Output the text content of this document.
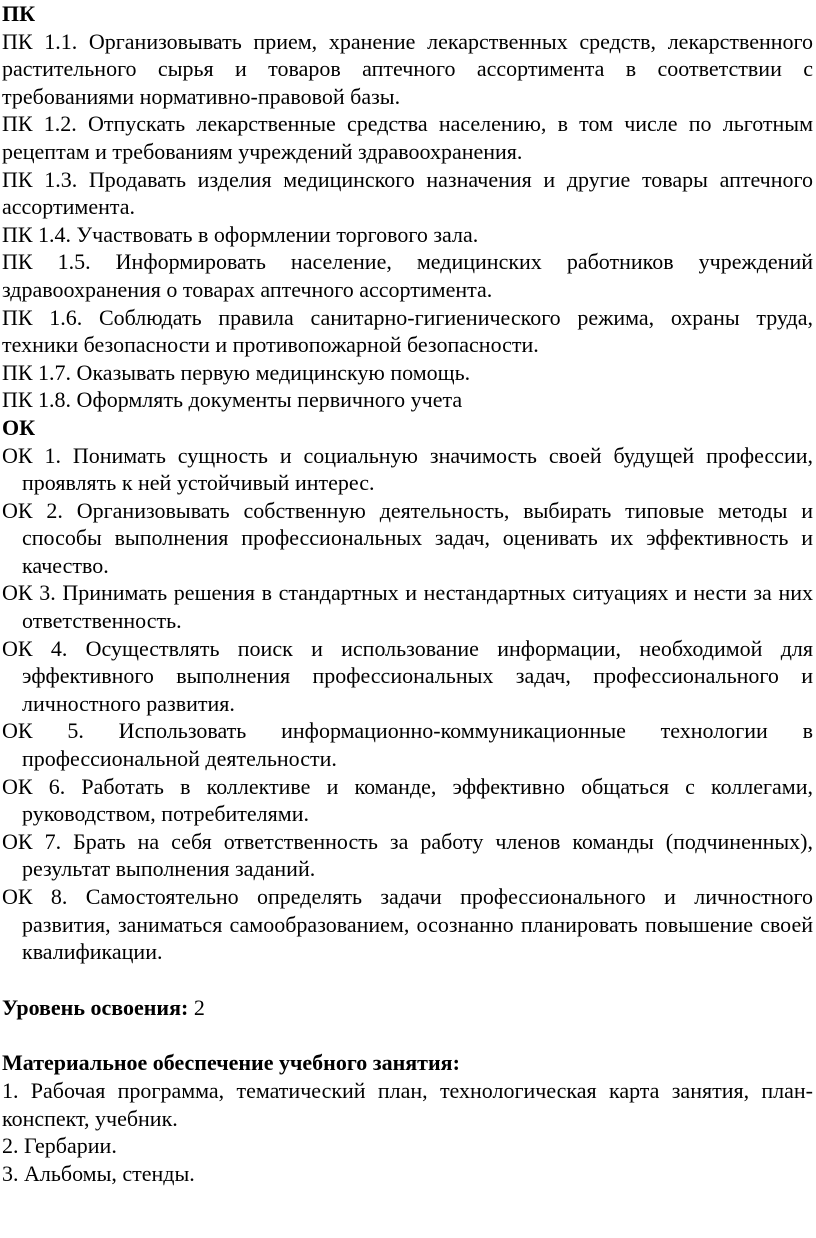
ПК

ПК 1.1. Организовывать прием, хранение лекарственных средств, лекарственного растительного сырья и товаров аптечного ассортимента в соответствии с требованиями нормативно-правовой базы.

ПК 1.2. Отпускать лекарственные средства населению, в том числе по льготным рецептам и требованиям учреждений здравоохранения.

ПК 1.3. Продавать изделия медицинского назначения и другие товары аптечного ассортимента.

ПК 1.4. Участвовать в оформлении торгового зала.

ПК 1.5. Информировать население, медицинских работников учреждений здравоохранения о товарах аптечного ассортимента.

ПК 1.6. Соблюдать правила санитарно-гигиенического режима, охраны труда, техники безопасности и противопожарной безопасности.

ПК 1.7. Оказывать первую медицинскую помощь.

ПК 1.8. Оформлять документы первичного учета

ОК

ОК 1. Понимать сущность и социальную значимость своей будущей профессии, проявлять к ней устойчивый интерес.

ОК 2. Организовывать собственную деятельность, выбирать типовые методы и способы выполнения профессиональных задач, оценивать их эффективность и качество.

ОК 3. Принимать решения в стандартных и нестандартных ситуациях и нести за них ответственность.

ОК 4. Осуществлять поиск и использование информации, необходимой для эффективного выполнения профессиональных задач, профессионального и личностного развития.

ОК 5. Использовать информационно-коммуникационные технологии в профессиональной деятельности.

ОК 6. Работать в коллективе и команде, эффективно общаться с коллегами, руководством, потребителями.

ОК 7. Брать на себя ответственность за работу членов команды (подчиненных), результат выполнения заданий.

ОК 8. Самостоятельно определять задачи профессионального и личностного развития, заниматься самообразованием, осознанно планировать повышение своей квалификации.

Уровень освоения: 2

Материальное обеспечение учебного занятия:

1. Рабочая программа, тематический план, технологическая карта занятия, план-конспект, учебник.

2. Гербарии.

3. Альбомы, стенды.
